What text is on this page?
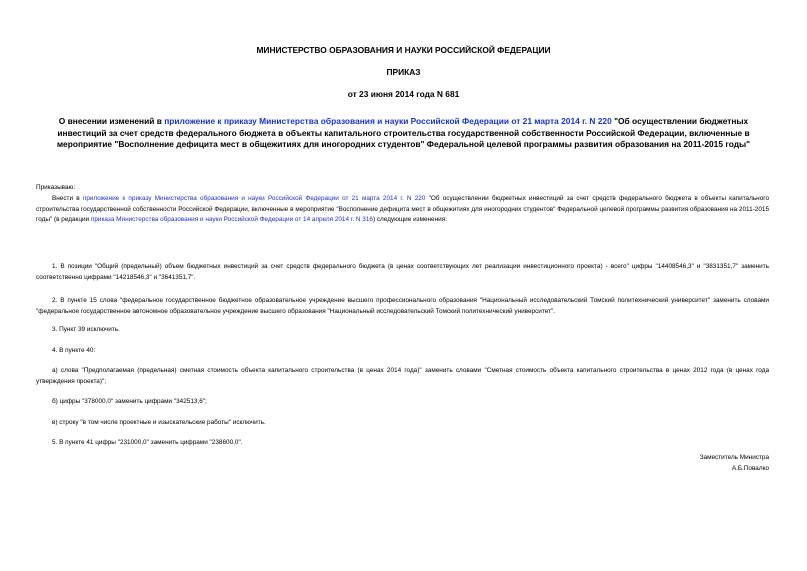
МИНИСТЕРСТВО ОБРАЗОВАНИЯ И НАУКИ РОССИЙСКОЙ ФЕДЕРАЦИИ
ПРИКАЗ
от 23 июня 2014 года N 681
О внесении изменений в приложение к приказу Министерства образования и науки Российской Федерации от 21 марта 2014 г. N 220 "Об осуществлении бюджетных инвестиций за счет средств федерального бюджета в объекты капитального строительства государственной собственности Российской Федерации, включенные в мероприятие "Восполнение дефицита мест в общежитиях для иногородних студентов" Федеральной целевой программы развития образования на 2011-2015 годы"
Приказываю:
Внести в приложение к приказу Министерства образования и науки Российской Федерации от 21 марта 2014 г. N 220 "Об осуществлении бюджетных инвестиций за счет средств федерального бюджета в объекты капитального строительства государственной собственности Российской Федерации, включенные в мероприятие "Восполнение дефицита мест в общежитиях для иногородних студентов" Федеральной целевой программы развития образования на 2011-2015 годы" (в редакции приказа Министерства образования и науки Российской Федерации от 14 апреля 2014 г. N 316) следующие изменения:
1. В позиции "Общий (предельный) объем бюджетных инвестиций за счет средств федерального бюджета (в ценах соответствующих лет реализации инвестиционного проекта) - всего" цифры "14408546,3" и "3831351,7" заменить соответственно цифрами "14218546,3" и "3641351,7".
2. В пункте 15 слова "федеральное государственное бюджетное образовательное учреждение высшего профессионального образования "Национальный исследовательский Томский политехнический университет" заменить словами "федеральное государственное автономное образовательное учреждение высшего образования "Национальный исследовательский Томский политехнический университет".
3. Пункт 39 исключить.
4. В пункте 40:
а) слова "Предполагаемая (предельная) сметная стоимость объекта капитального строительства (в ценах 2014 года)" заменить словами "Сметная стоимость объекта капитального строительства в ценах 2012 года (в ценах года утверждения проекта)";
б) цифры "378000,0" заменить цифрами "342513,6";
в) строку "в том числе проектные и изыскательские работы" исключить.
5. В пункте 41 цифры "231000,0" заменить цифрами "238600,0".
Заместитель Министра
А.Б.Повалко
